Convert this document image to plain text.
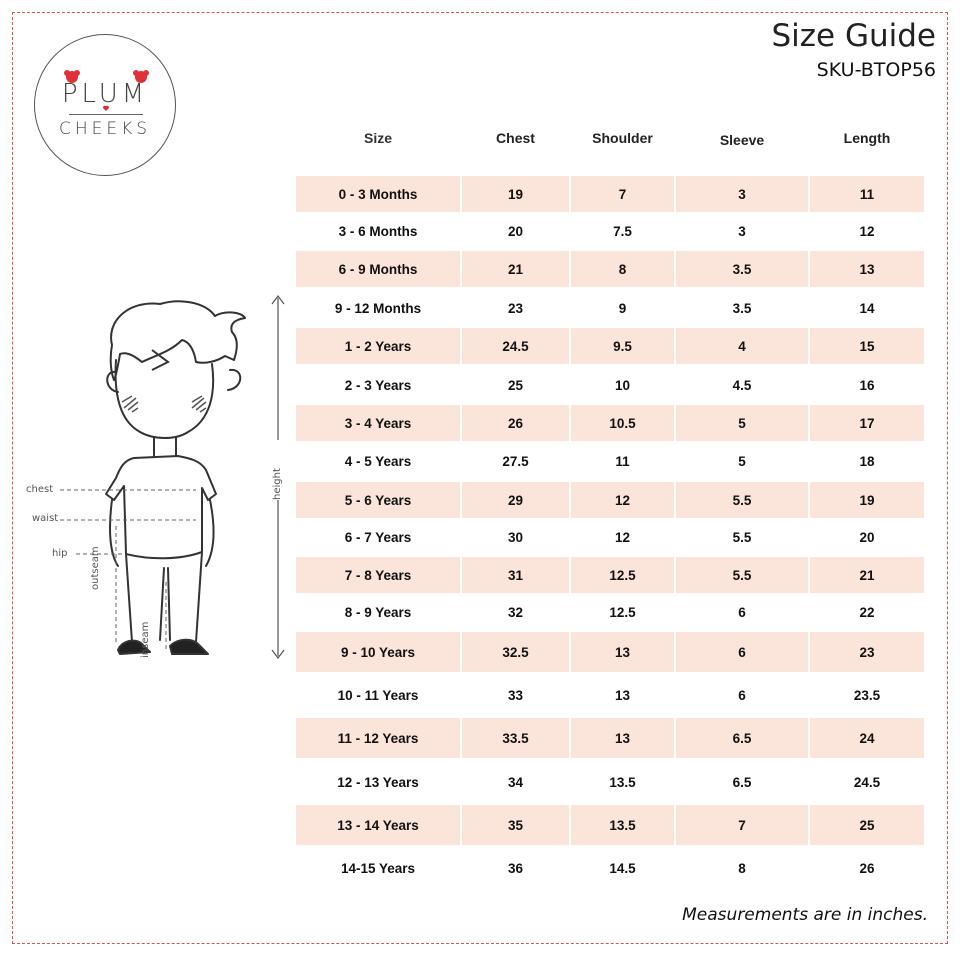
PLUM
CHEEKS
Size Guide
SKU-BTOP56
chest
waist
hip outseam
inseam
height
Size	Chest	Shoulder	Sleeve	Length
0 - 3 Months	19	7	3	11
3 - 6 Months	20	7.5	3	12
6 - 9 Months	21	8	3.5	13
9 - 12 Months	23	9	3.5	14
1 - 2 Years	24.5	9.5	4	15
2 - 3 Years	25	10	4.5	16
3 - 4 Years	26	10.5	5	17
4 - 5 Years	27.5	11	5	18
5 - 6 Years	29	12	5.5	19
6 - 7 Years	30	12	5.5	20
7 - 8 Years	31	12.5	5.5	21
8 - 9 Years	32	12.5	6	22
9 - 10 Years	32.5	13	6	23
10 - 11 Years	33	13	6	23.5
11 - 12 Years	33.5	13	6.5	24
12 - 13 Years	34	13.5	6.5	24.5
13 - 14 Years	35	13.5	7	25
14-15 Years	36	14.5	8	26
Measurements are in inches.
